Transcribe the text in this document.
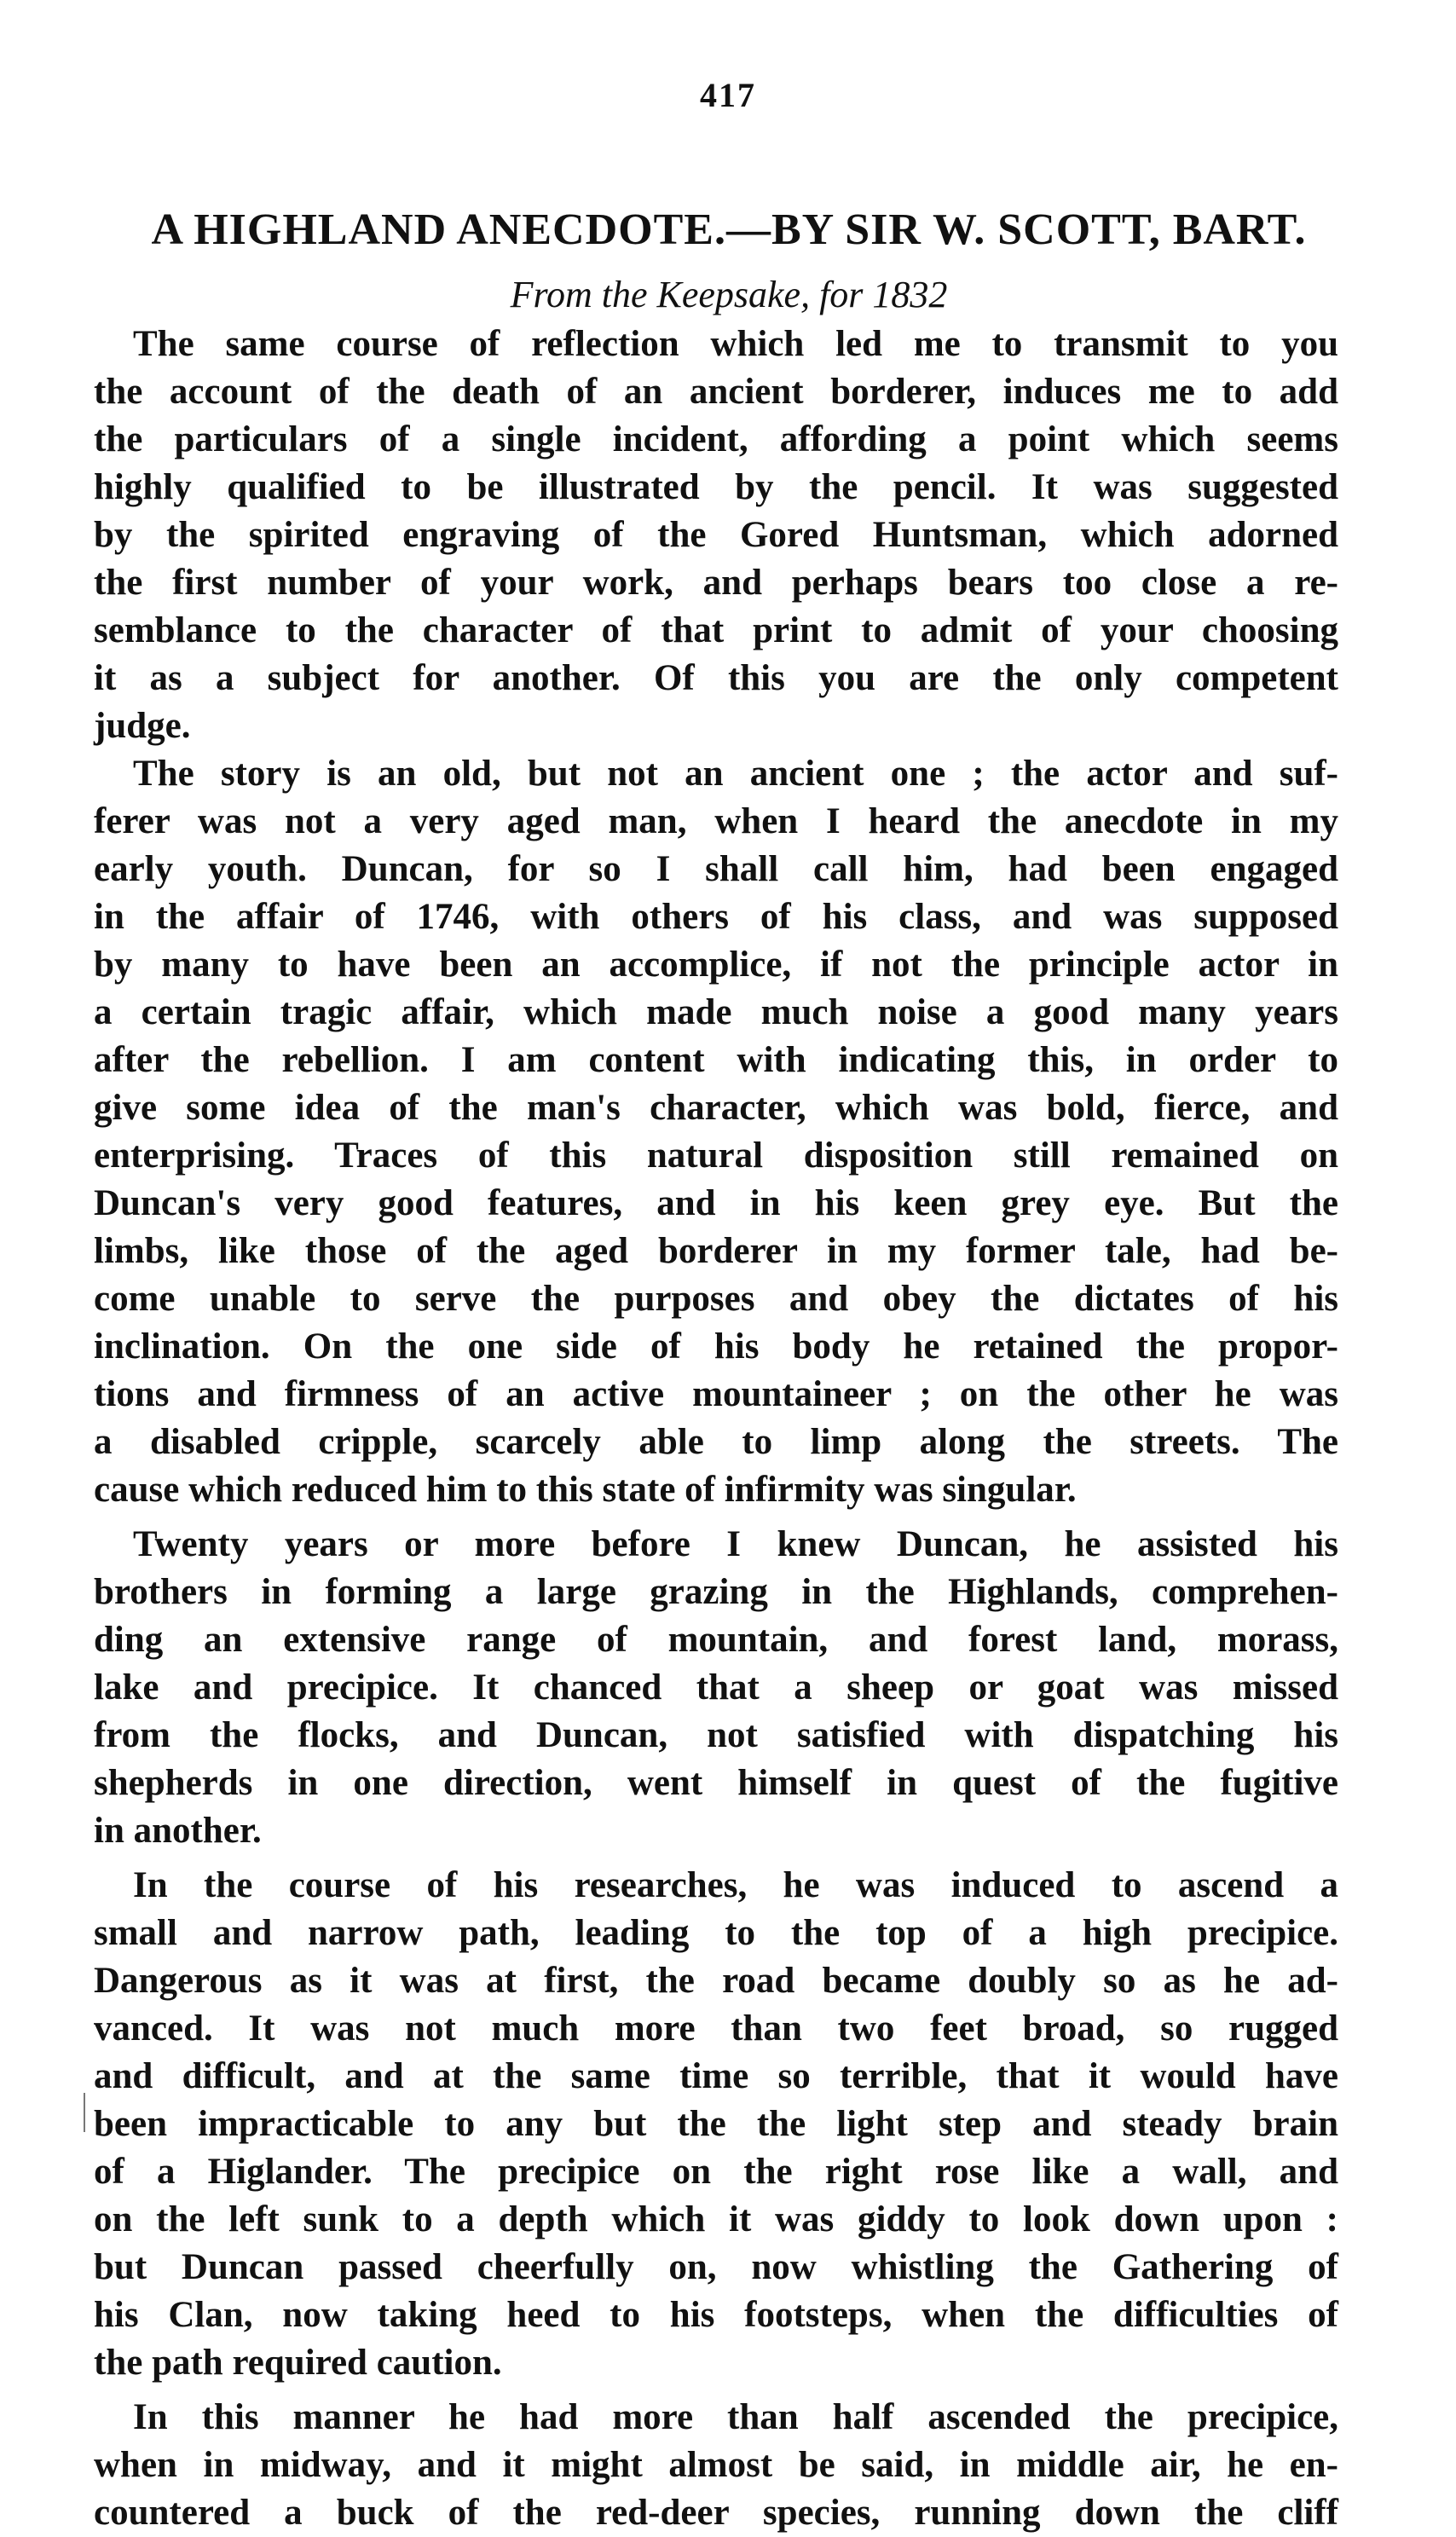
417
A HIGHLAND ANECDOTE.—BY SIR W. SCOTT, BART.
From the Keepsake, for 1832
The same course of reflection which led me to transmit to you
the account of the death of an ancient borderer, induces me to add
the particulars of a single incident, affording a point which seems
highly qualified to be illustrated by the pencil. It was suggested
by the spirited engraving of the Gored Huntsman, which adorned
the first number of your work, and perhaps bears too close a re-
semblance to the character of that print to admit of your choosing
it as a subject for another. Of this you are the only competent
judge.
The story is an old, but not an ancient one ; the actor and suf-
ferer was not a very aged man, when I heard the anecdote in my
early youth. Duncan, for so I shall call him, had been engaged
in the affair of 1746, with others of his class, and was supposed
by many to have been an accomplice, if not the principle actor in
a certain tragic affair, which made much noise a good many years
after the rebellion. I am content with indicating this, in order to
give some idea of the man's character, which was bold, fierce, and
enterprising. Traces of this natural disposition still remained on
Duncan's very good features, and in his keen grey eye. But the
limbs, like those of the aged borderer in my former tale, had be-
come unable to serve the purposes and obey the dictates of his
inclination. On the one side of his body he retained the propor-
tions and firmness of an active mountaineer ; on the other he was
a disabled cripple, scarcely able to limp along the streets. The
cause which reduced him to this state of infirmity was singular.
Twenty years or more before I knew Duncan, he assisted his
brothers in forming a large grazing in the Highlands, comprehen-
ding an extensive range of mountain, and forest land, morass,
lake and precipice. It chanced that a sheep or goat was missed
from the flocks, and Duncan, not satisfied with dispatching his
shepherds in one direction, went himself in quest of the fugitive
in another.
In the course of his researches, he was induced to ascend a
small and narrow path, leading to the top of a high precipice.
Dangerous as it was at first, the road became doubly so as he ad-
vanced. It was not much more than two feet broad, so rugged
and difficult, and at the same time so terrible, that it would have
been impracticable to any but the the light step and steady brain
of a Higlander. The precipice on the right rose like a wall, and
on the left sunk to a depth which it was giddy to look down upon :
but Duncan passed cheerfully on, now whistling the Gathering of
his Clan, now taking heed to his footsteps, when the difficulties of
the path required caution.
In this manner he had more than half ascended the precipice,
when in midway, and it might almost be said, in middle air, he en-
countered a buck of the red-deer species, running down the cliff
